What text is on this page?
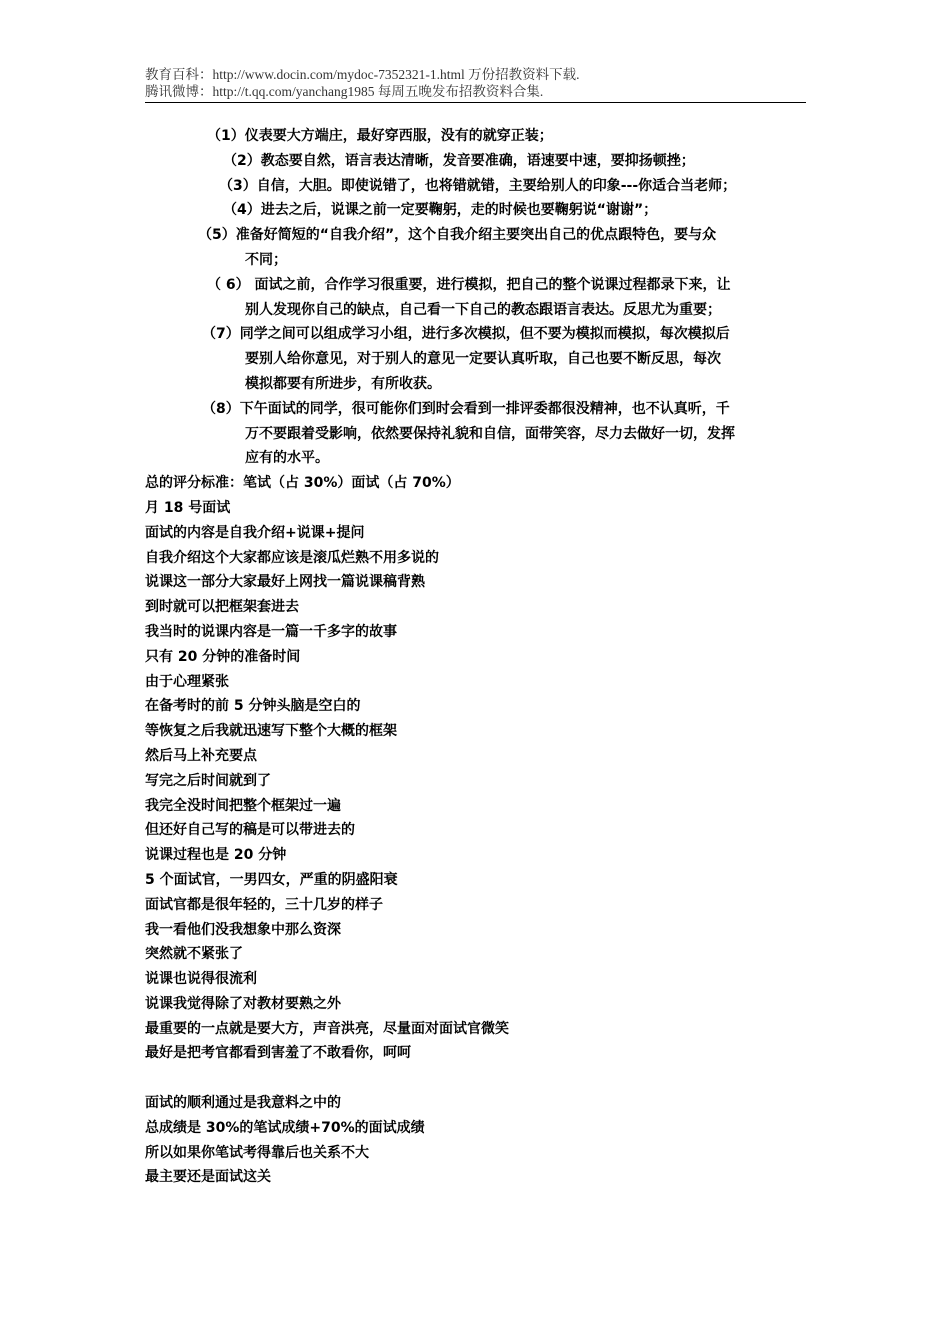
教育百科：http://www.docin.com/mydoc-7352321-1.html 万份招教资料下载.
腾讯微博：http://t.qq.com/yanchang1985 每周五晚发布招教资料合集.
（1）仪表要大方端庄，最好穿西服，没有的就穿正装；
（2）教态要自然，语言表达清晰，发音要准确，语速要中速，要抑扬顿挫；
（3）自信，大胆。即使说错了，也将错就错，主要给别人的印象---你适合当老师；
（4）进去之后，说课之前一定要鞠躬，走的时候也要鞠躬说“谢谢”；
（5）准备好简短的“自我介绍”，这个自我介绍主要突出自己的优点跟特色，要与众
不同；
（ 6） 面试之前，合作学习很重要，进行模拟，把自己的整个说课过程都录下来，让
别人发现你自己的缺点，自己看一下自己的教态跟语言表达。反思尤为重要；
（7）同学之间可以组成学习小组，进行多次模拟，但不要为模拟而模拟，每次模拟后
要别人给你意见，对于别人的意见一定要认真听取，自己也要不断反思，每次
模拟都要有所进步，有所收获。
（8）下午面试的同学，很可能你们到时会看到一排评委都很没精神，也不认真听，千
万不要跟着受影响，依然要保持礼貌和自信，面带笑容，尽力去做好一切，发挥
应有的水平。
总的评分标准：笔试（占 30%）面试（占 70%）
月 18 号面试
面试的内容是自我介绍+说课+提问
自我介绍这个大家都应该是滚瓜烂熟不用多说的
说课这一部分大家最好上网找一篇说课稿背熟
到时就可以把框架套进去
我当时的说课内容是一篇一千多字的故事
只有 20 分钟的准备时间
由于心理紧张
在备考时的前 5 分钟头脑是空白的
等恢复之后我就迅速写下整个大概的框架
然后马上补充要点
写完之后时间就到了
我完全没时间把整个框架过一遍
但还好自己写的稿是可以带进去的
说课过程也是 20 分钟
5 个面试官，一男四女，严重的阴盛阳衰
面试官都是很年轻的，三十几岁的样子
我一看他们没我想象中那么资深
突然就不紧张了
说课也说得很流利
说课我觉得除了对教材要熟之外
最重要的一点就是要大方，声音洪亮，尽量面对面试官微笑
最好是把考官都看到害羞了不敢看你，呵呵
面试的顺利通过是我意料之中的
总成绩是 30%的笔试成绩+70%的面试成绩
所以如果你笔试考得靠后也关系不大
最主要还是面试这关
